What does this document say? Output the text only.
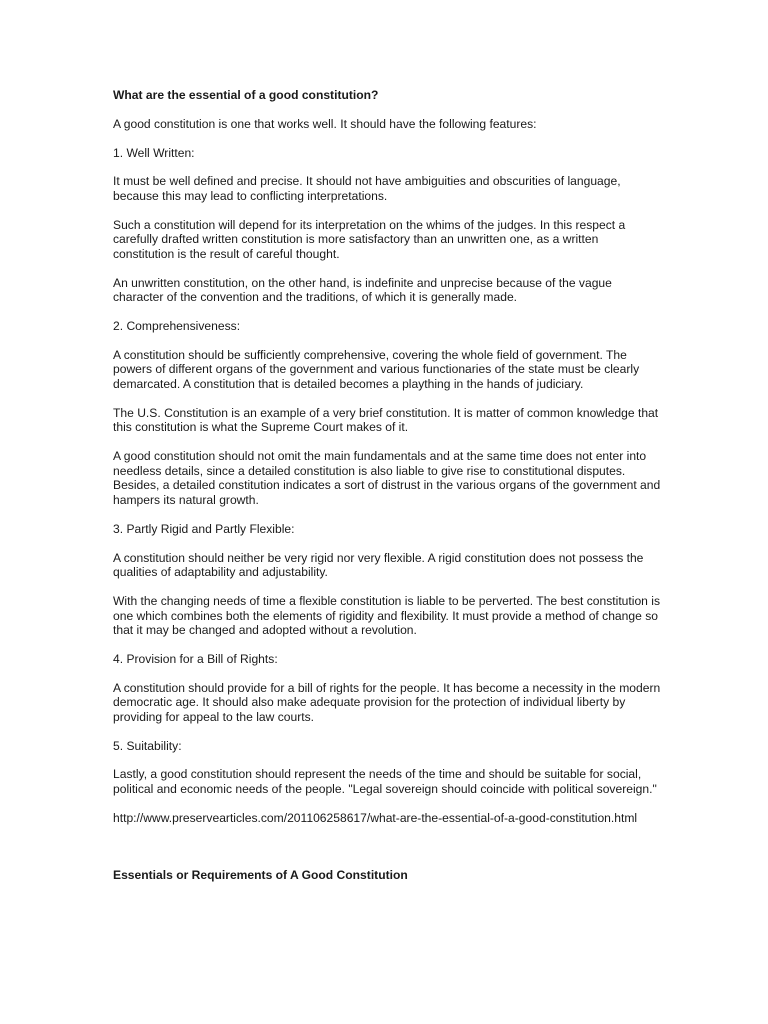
What are the essential of a good constitution?

A good constitution is one that works well. It should have the following features:

1. Well Written:

It must be well defined and precise. It should not have ambiguities and obscurities of language, because this may lead to conflicting interpretations.

Such a constitution will depend for its interpretation on the whims of the judges. In this respect a carefully drafted written constitution is more satisfactory than an unwritten one, as a written constitution is the result of careful thought.

An unwritten constitution, on the other hand, is indefinite and unprecise because of the vague character of the convention and the traditions, of which it is generally made.

2. Comprehensiveness:

A constitution should be sufficiently comprehensive, covering the whole field of government. The powers of different organs of the government and various functionaries of the state must be clearly demarcated. A constitution that is detailed becomes a plaything in the hands of judiciary.

The U.S. Constitution is an example of a very brief constitution. It is matter of common knowledge that this constitution is what the Supreme Court makes of it.

A good constitution should not omit the main fundamentals and at the same time does not enter into needless details, since a detailed constitution is also liable to give rise to constitutional disputes. Besides, a detailed constitution indicates a sort of distrust in the various organs of the government and hampers its natural growth.

3. Partly Rigid and Partly Flexible:

A constitution should neither be very rigid nor very flexible. A rigid constitution does not possess the qualities of adaptability and adjustability.

With the changing needs of time a flexible constitution is liable to be perverted. The best constitution is one which combines both the elements of rigidity and flexibility. It must provide a method of change so that it may be changed and adopted without a revolution.

4. Provision for a Bill of Rights:

A constitution should provide for a bill of rights for the people. It has become a necessity in the modern democratic age. It should also make adequate provision for the protection of individual liberty by providing for appeal to the law courts.

5. Suitability:

Lastly, a good constitution should represent the needs of the time and should be suitable for social, political and economic needs of the people. "Legal sovereign should coincide with political sovereign."

http://www.preservearticles.com/201106258617/what-are-the-essential-of-a-good-constitution.html

Essentials or Requirements of A Good Constitution
